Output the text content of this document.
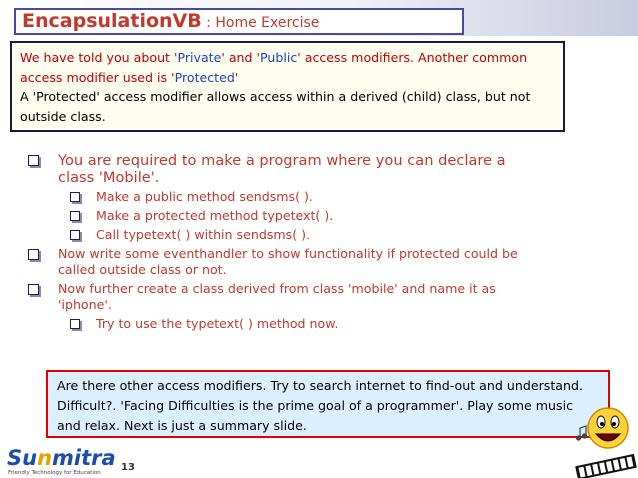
EncapsulationVB : Home Exercise
We have told you about 'Private' and 'Public' access modifiers. Another common access modifier used is 'Protected'
A 'Protected' access modifier allows access within a derived (child) class, but not outside class.
You are required to make a program where you can declare a class 'Mobile'.
Make a public method sendsms( ).
Make a protected method typetext( ).
Call typetext( ) within sendsms( ).
Now write some eventhandler to show functionality if protected could be called outside class or not.
Now further create a class derived from class 'mobile' and name it as 'iphone'.
Try to use the typetext( ) method now.
Are there other access modifiers. Try to search internet to find-out and understand. Difficult?. 'Facing Difficulties is the prime goal of a programmer'. Play some music and relax. Next is just a summary slide.
Sunmitra
Friendly Technology for Education 13
